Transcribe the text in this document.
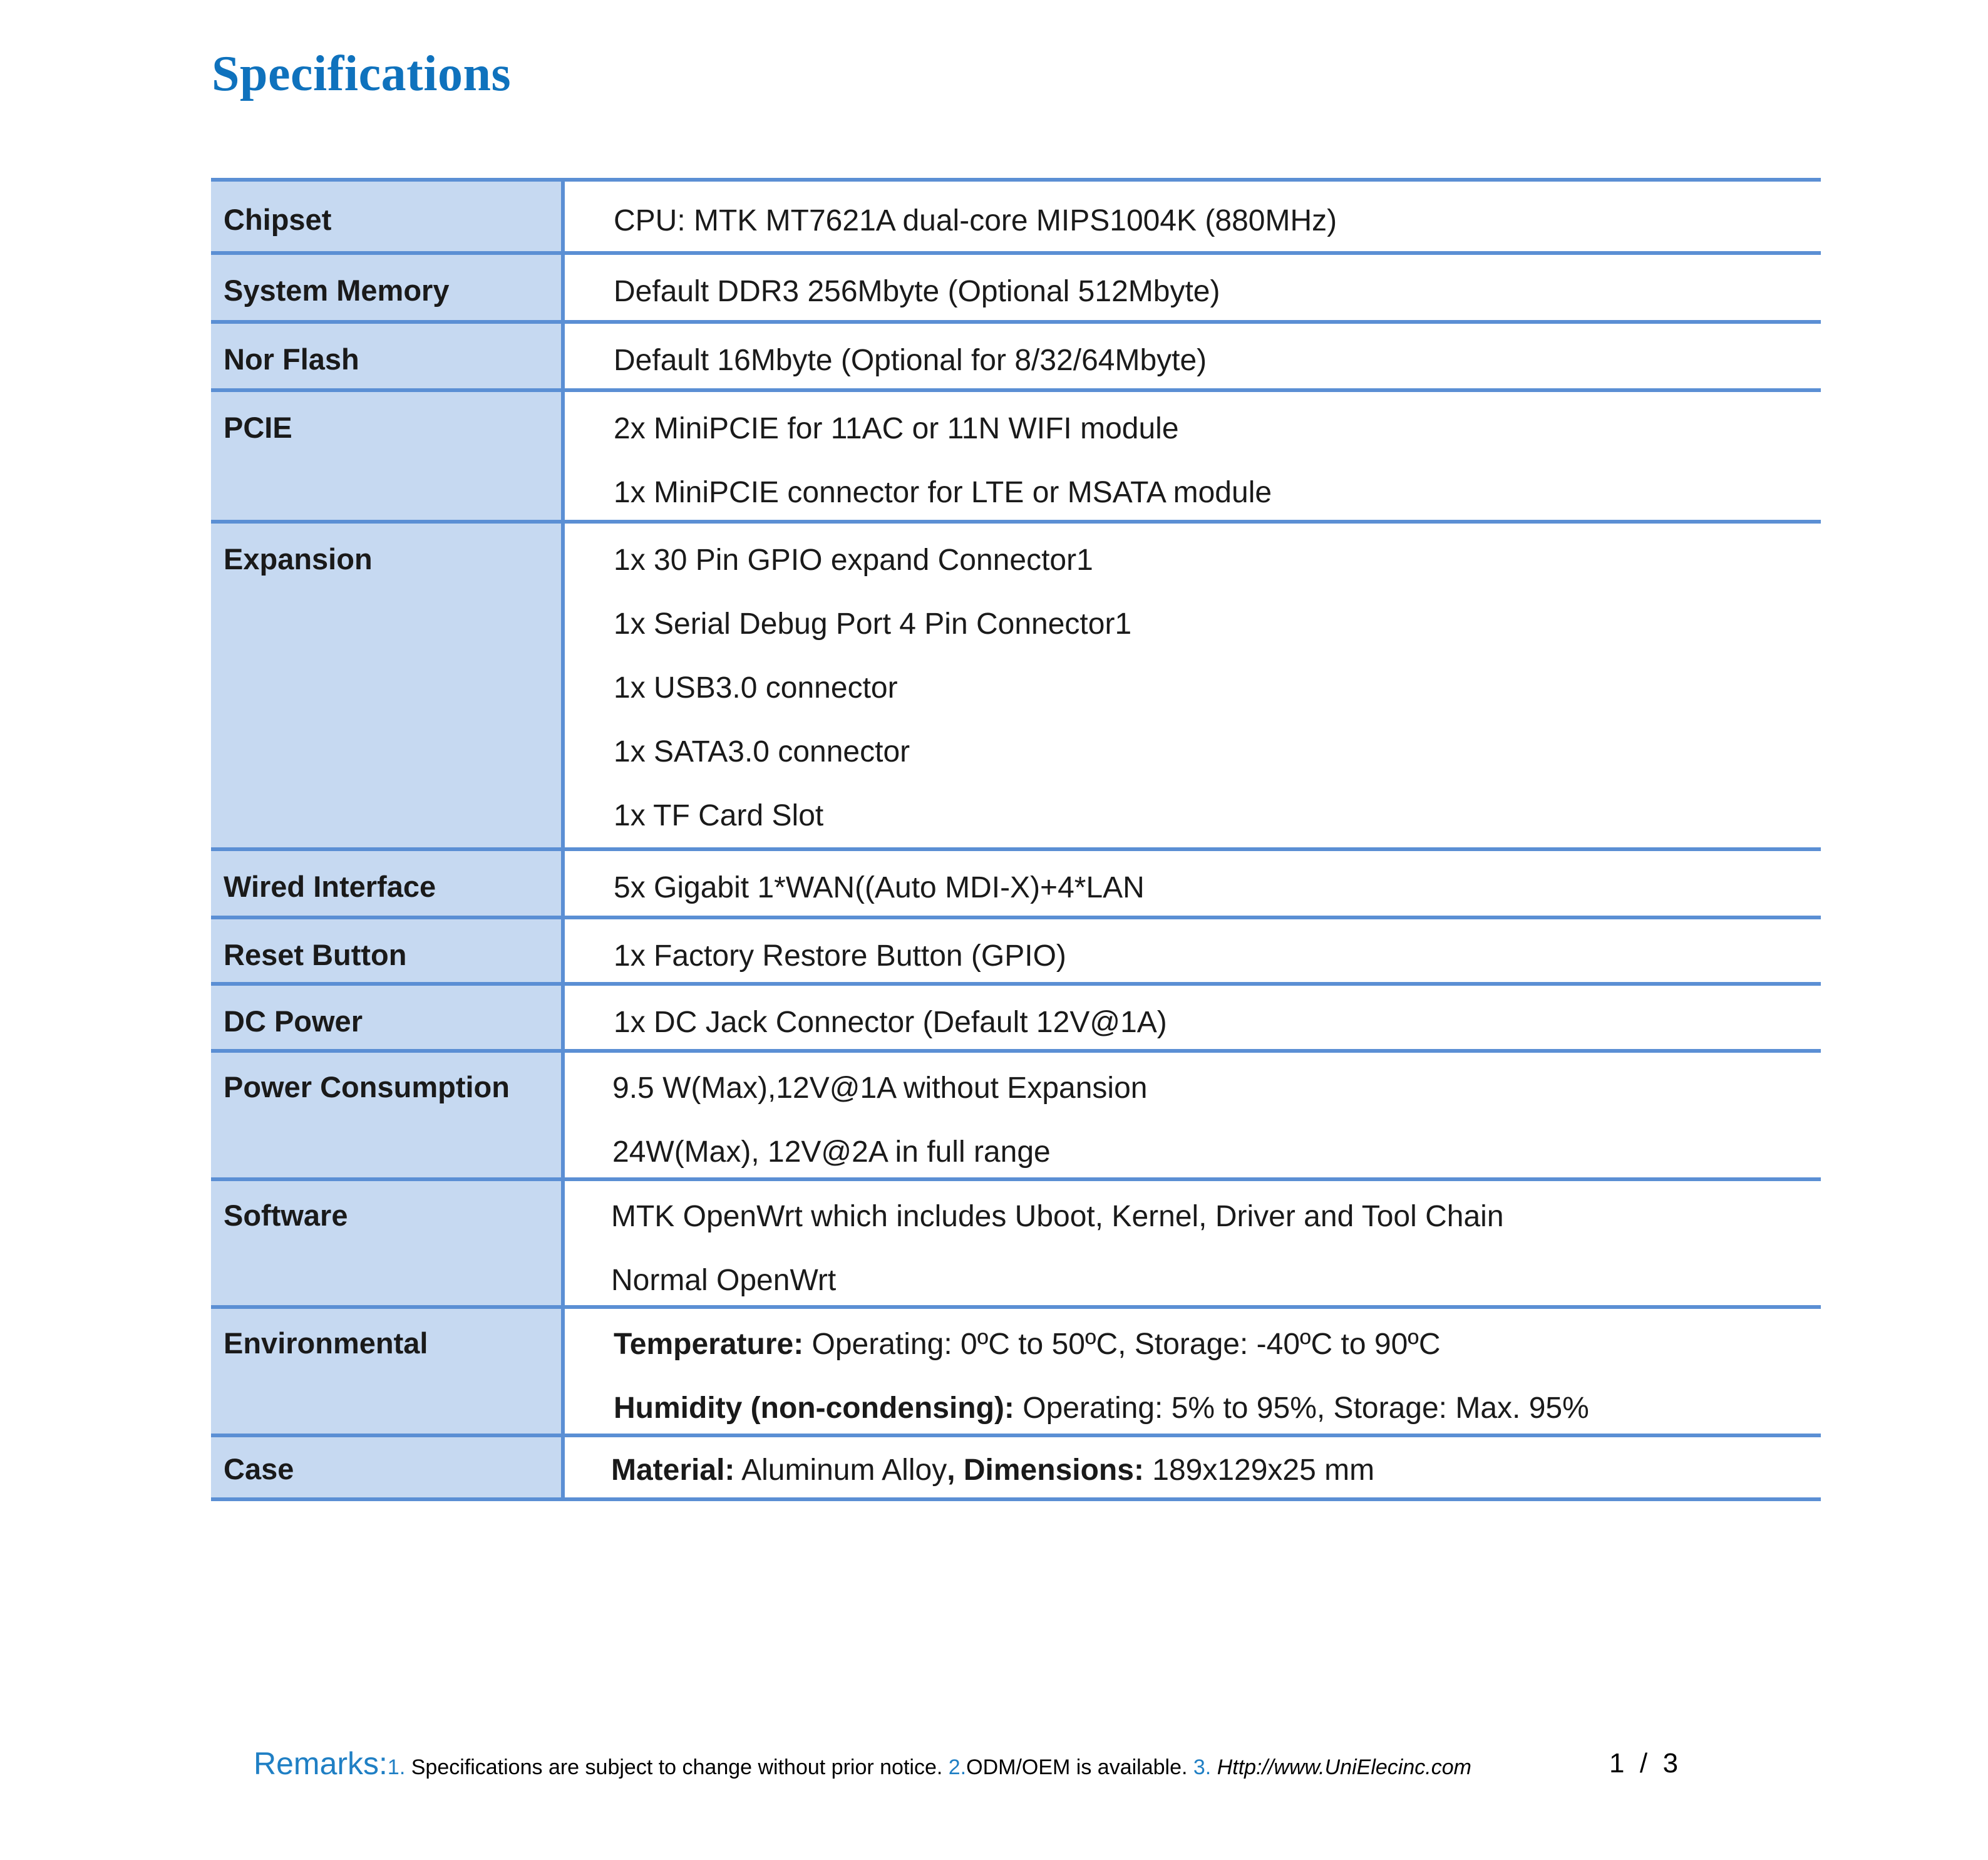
Specifications
Chipset	CPU: MTK MT7621A dual-core MIPS1004K (880MHz)
System Memory	Default DDR3 256Mbyte (Optional 512Mbyte)
Nor Flash	Default 16Mbyte (Optional for 8/32/64Mbyte)
PCIE	2x MiniPCIE for 11AC or 11N WIFI module
1x MiniPCIE connector for LTE or MSATA module
Expansion	1x 30 Pin GPIO expand Connector1
1x Serial Debug Port 4 Pin Connector1
1x USB3.0 connector
1x SATA3.0 connector
1x TF Card Slot
Wired Interface	5x Gigabit 1*WAN((Auto MDI-X)+4*LAN
Reset Button	1x Factory Restore Button (GPIO)
DC Power	1x DC Jack Connector (Default 12V@1A)
Power Consumption	9.5 W(Max),12V@1A without Expansion
24W(Max), 12V@2A in full range
Software	MTK OpenWrt which includes Uboot, Kernel, Driver and Tool Chain
Normal OpenWrt
Environmental	Temperature: Operating: 0ºC to 50ºC, Storage: -40ºC to 90ºC
Humidity (non-condensing): Operating: 5% to 95%, Storage: Max. 95%
Case	Material: Aluminum Alloy, Dimensions: 189x129x25 mm
Remarks:1. Specifications are subject to change without prior notice. 2.ODM/OEM is available. 3. Http://www.UniElecinc.com	1  /  3
